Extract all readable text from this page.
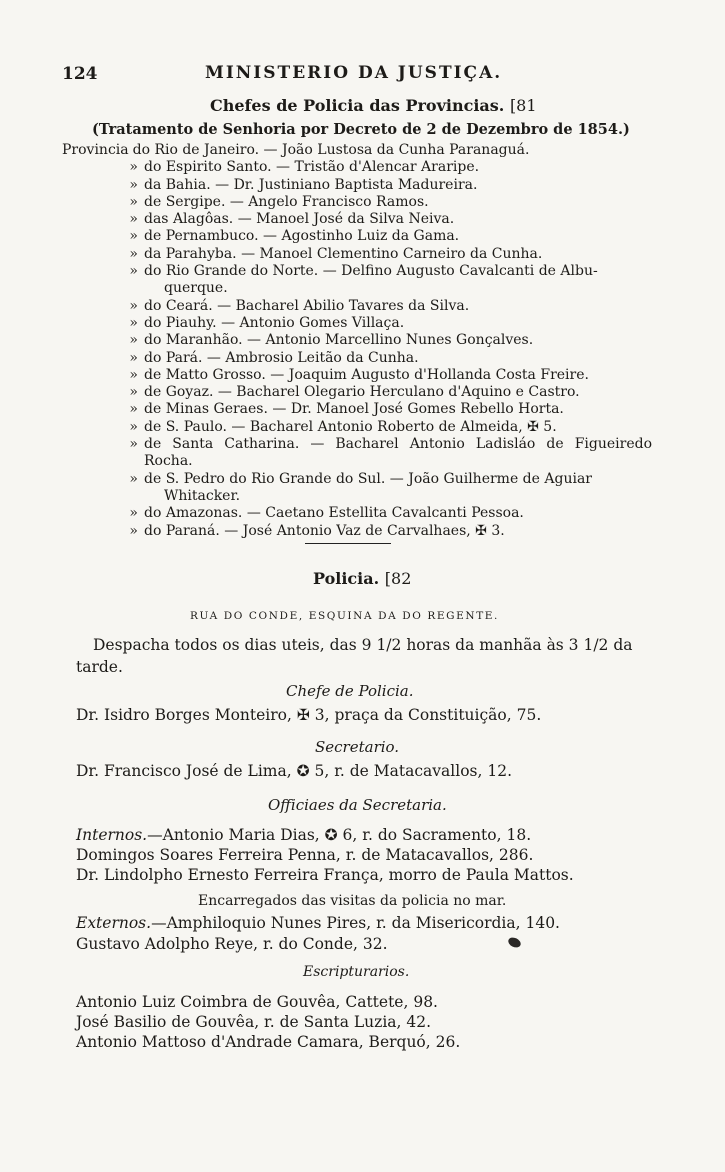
124	MINISTERIO DA JUSTIÇA.
Chefes de Policia das Provincias. [81
(Tratamento de Senhoria por Decreto de 2 de Dezembro de 1854.)
Provincia do Rio de Janeiro. — João Lustosa da Cunha Paranaguá.
» do Espirito Santo. — Tristão d'Alencar Araripe.
» da Bahia. — Dr. Justiniano Baptista Madureira.
» de Sergipe. — Angelo Francisco Ramos.
» das Alagôas. — Manoel José da Silva Neiva.
» de Pernambuco. — Agostinho Luiz da Gama.
» da Parahyba. — Manoel Clementino Carneiro da Cunha.
» do Rio Grande do Norte. — Delfino Augusto Cavalcanti de Albu-
querque.
» do Ceará. — Bacharel Abilio Tavares da Silva.
» do Piauhy. — Antonio Gomes Villaça.
» do Maranhão. — Antonio Marcellino Nunes Gonçalves.
» do Pará. — Ambrosio Leitão da Cunha.
» de Matto Grosso. — Joaquim Augusto d'Hollanda Costa Freire.
» de Goyaz. — Bacharel Olegario Herculano d'Aquino e Castro.
» de Minas Geraes. — Dr. Manoel José Gomes Rebello Horta.
» de S. Paulo. — Bacharel Antonio Roberto de Almeida, ✠ 5.
» de Santa Catharina. — Bacharel Antonio Ladisláo de Figueiredo Rocha.
» de S. Pedro do Rio Grande do Sul. — João Guilherme de Aguiar
Whitacker.
» do Amazonas. — Caetano Estellita Cavalcanti Pessoa.
» do Paraná. — José Antonio Vaz de Carvalhaes, ✠ 3.
Policia. [82
RUA DO CONDE, ESQUINA DA DO REGENTE.
Despacha todos os dias uteis, das 9 1/2 horas da manhãa às 3 1/2 da tarde.
Chefe de Policia.
Dr. Isidro Borges Monteiro, ✠ 3, praça da Constituição, 75.
Secretario.
Dr. Francisco José de Lima, ✪ 5, r. de Matacavallos, 12.
Officiaes da Secretaria.
Internos.—Antonio Maria Dias, ✪ 6, r. do Sacramento, 18.
Domingos Soares Ferreira Penna, r. de Matacavallos, 286.
Dr. Lindolpho Ernesto Ferreira França, morro de Paula Mattos.
Encarregados das visitas da policia no mar.
Externos.—Amphiloquio Nunes Pires, r. da Misericordia, 140.
Gustavo Adolpho Reye, r. do Conde, 32.
Escripturarios.
Antonio Luiz Coimbra de Gouvêa, Cattete, 98.
José Basilio de Gouvêa, r. de Santa Luzia, 42.
Antonio Mattoso d'Andrade Camara, Berquó, 26.
